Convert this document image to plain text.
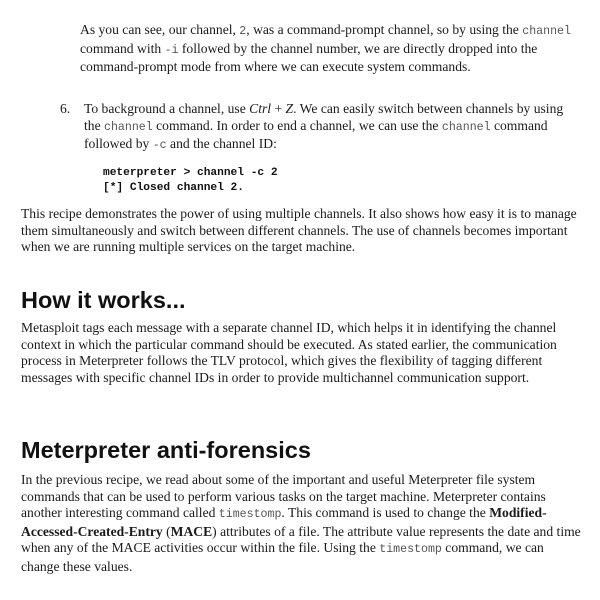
As you can see, our channel, 2, was a command-prompt channel, so by using the channel command with -i followed by the channel number, we are directly dropped into the command-prompt mode from where we can execute system commands.

6.	To background a channel, use Ctrl + Z. We can easily switch between channels by using the channel command. In order to end a channel, we can use the channel command followed by -c and the channel ID:

meterpreter > channel -c 2
[*] Closed channel 2.

This recipe demonstrates the power of using multiple channels. It also shows how easy it is to manage them simultaneously and switch between different channels. The use of channels becomes important when we are running multiple services on the target machine.

How it works...

Metasploit tags each message with a separate channel ID, which helps it in identifying the channel context in which the particular command should be executed. As stated earlier, the communication process in Meterpreter follows the TLV protocol, which gives the flexibility of tagging different messages with specific channel IDs in order to provide multichannel communication support.

Meterpreter anti-forensics

In the previous recipe, we read about some of the important and useful Meterpreter file system commands that can be used to perform various tasks on the target machine. Meterpreter contains another interesting command called timestomp. This command is used to change the Modified-Accessed-Created-Entry (MACE) attributes of a file. The attribute value represents the date and time when any of the MACE activities occur within the file. Using the timestomp command, we can change these values.
